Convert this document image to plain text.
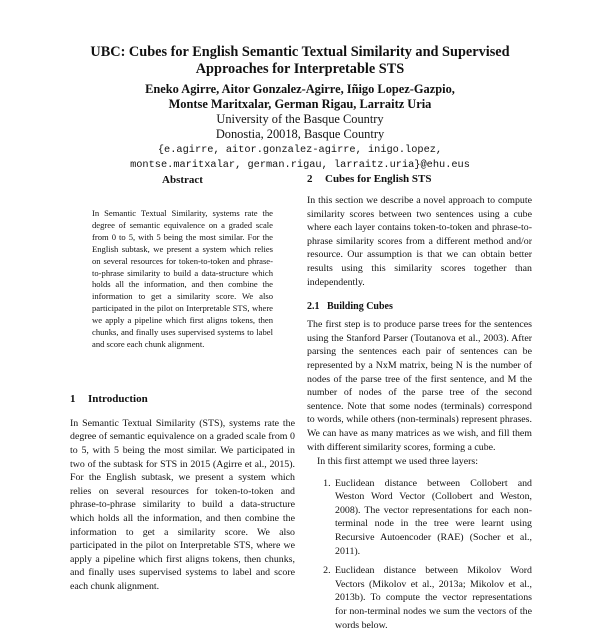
UBC: Cubes for English Semantic Textual Similarity and Supervised
Approaches for Interpretable STS
Eneko Agirre, Aitor Gonzalez-Agirre, Iñigo Lopez-Gazpio,
Montse Maritxalar, German Rigau, Larraitz Uria
University of the Basque Country
Donostia, 20018, Basque Country
{e.agirre, aitor.gonzalez-agirre, inigo.lopez,
montse.maritxalar, german.rigau, larraitz.uria}@ehu.eus
Abstract
In Semantic Textual Similarity, systems rate the degree of semantic equivalence on a graded scale from 0 to 5, with 5 being the most similar. For the English subtask, we present a system which relies on several resources for token-to-token and phrase-to-phrase similarity to build a data-structure which holds all the information, and then combine the information to get a similarity score. We also participated in the pilot on Interpretable STS, where we apply a pipeline which first aligns tokens, then chunks, and finally uses supervised systems to label and score each chunk alignment.
1 Introduction
In Semantic Textual Similarity (STS), systems rate the degree of semantic equivalence on a graded scale from 0 to 5, with 5 being the most similar. We participated in two of the subtask for STS in 2015 (Agirre et al., 2015). For the English subtask, we present a system which relies on several resources for token-to-token and phrase-to-phrase similarity to build a data-structure which holds all the information, and then combine the information to get a similarity score. We also participated in the pilot on Interpretable STS, where we apply a pipeline which first aligns tokens, then chunks, and finally uses supervised systems to label and score each chunk alignment.
2 Cubes for English STS
In this section we describe a novel approach to compute similarity scores between two sentences using a cube where each layer contains token-to-token and phrase-to-phrase similarity scores from a different method and/or resource. Our assumption is that we can obtain better results using this similarity scores together than independently.
2.1 Building Cubes
The first step is to produce parse trees for the sentences using the Stanford Parser (Toutanova et al., 2003). After parsing the sentences each pair of sentences can be represented by a NxM matrix, being N is the number of nodes of the parse tree of the first sentence, and M the number of nodes of the parse tree of the second sentence. Note that some nodes (terminals) correspond to words, while others (non-terminals) represent phrases. We can have as many matrices as we wish, and fill them with different similarity scores, forming a cube.
In this first attempt we used three layers:
1. Euclidean distance between Collobert and Weston Word Vector (Collobert and Weston, 2008). The vector representations for each non-terminal node in the tree were learnt using Recursive Autoencoder (RAE) (Socher et al., 2011).
2. Euclidean distance between Mikolov Word Vectors (Mikolov et al., 2013a; Mikolov et al., 2013b). To compute the vector representations for non-terminal nodes we sum the vectors of the words below.
